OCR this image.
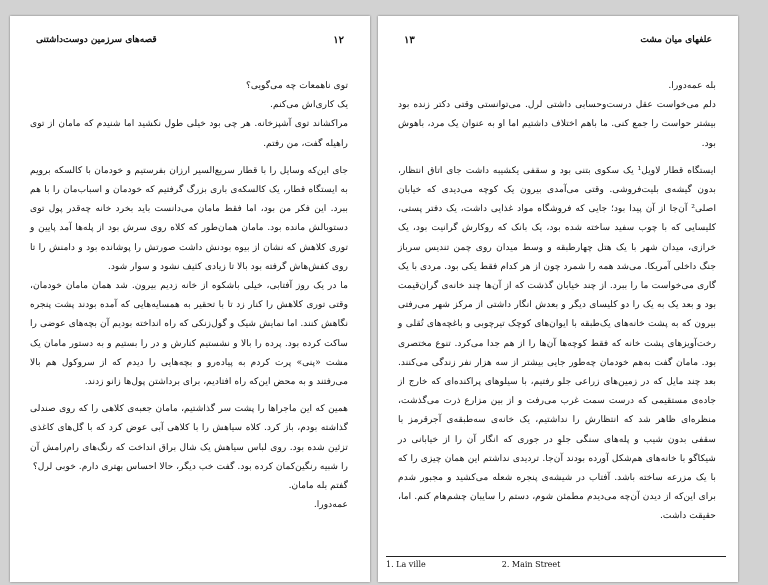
قصه‌های سرزمین دوست‌داشتنی	۱۲

توی ناهمعات چه می‌گویی؟

یک کاری‌اش می‌کنم.

مراکشاند توی آشپزخانه. هر چی بود خیلی طول نکشید اما شنیدم که مامان از توی راهیله گفت، من رفتم.

جای این‌که وسایل را با قطار سریع‌السیر ارزان بفرستیم و خودمان با کالسکه برویم به ایستگاه قطار، یک کالسکه‌ی باری بزرگ گرفتیم که خودمان و اسباب‌مان را با هم ببرد. این فکر من بود، اما فقط مامان می‌دانست باید بخرد خانه چه‌قدر پول توی دستوبالش مانده بود. مامان همان‌طور که کلاه روی سرش بود از پله‌ها آمد پایین و توری کلاهش که نشان از بیوه بودنش داشت صورتش را پوشانده بود و دامنش را تا روی کفش‌هاش گرفته بود بالا تا زیادی کثیف نشود و سوار شود.

ما در یک روز آفتابی، خیلی باشکوه از خانه زدیم بیرون. شد همان مامان خودمان، وقتی توری کلاهش را کنار زد تا با تحقیر به همسایه‌هایی که آمده بودند پشت پنجره نگاهش کنند. اما نمایش شیک و گول‌زنکی که راه انداخته بودیم آن بچه‌های عوضی را ساکت کرده بود. پرده را بالا و نشستیم کنارش و در را بستیم و به دستور مامان یک مشت «پنی» پرت کردم به پیاده‌رو و بچه‌هایی را دیدم که از سروکول هم بالا می‌رفتند و به محض این‌که راه افتادیم، برای برداشتن پول‌ها زانو زدند.

همین که این ماجراها را پشت سر گذاشتیم، مامان جعبه‌ی کلاهی را که روی صندلی گذاشته بودم، باز کرد. کلاه سیاهش را با کلاهی آبی عوض کرد که با گل‌های کاغذی تزئین شده بود. روی لباس سیاهش یک شال براق انداخت که رنگ‌های رام‌رامش آن را شبیه رنگین‌کمان کرده بود. گفت خب دیگر، حالا احساس بهتری دارم. خوبی لرل؟

گفتم بله مامان.

عمه‌دورا.

۱۳	علفهای میان مشت

بله عمه‌دورا.

دلم می‌خواست عقل درست‌وحسابی داشتی لرل. می‌توانستی وقتی دکتر زنده بود بیشتر حواست را جمع کنی. ما باهم اختلاف داشتیم اما او به عنوان یک مرد، باهوش بود.

ایستگاه قطار لاویل¹ یک سکوی بتنی بود و سقفی یکشیبه داشت جای اتاق انتظار، بدون گیشه‌ی بلیت‌فروشی. وقتی می‌آمدی بیرون یک کوچه می‌دیدی که خیابان اصلی² آن‌جا از آن پیدا بود؛ جایی که فروشگاه مواد غذایی داشت، یک دفتر پستی، کلیسایی که با چوب سفید ساخته شده بود، یک بانک که روکارش گرانیت بود، یک خرازی، میدان شهر با یک هتل چهارطبقه و وسط میدان روی چمن تندیس سرباز جنگ داخلی آمریکا. می‌شد همه را شمرد چون از هر کدام فقط یکی بود. مردی با یک گاری می‌خواست ما را ببرد. از چند خیابان گذشت که از آن‌ها چند خانه‌ی گران‌قیمت بود و بعد یک به یک را دو کلیسای دیگر و بعدش انگار داشتی از مرکز شهر می‌رفتی بیرون که به پشت خانه‌های یک‌طبقه با ایوان‌های کوچک تیرچوبی و باغچه‌های تُقلی و رخت‌آویزهای پشت خانه که فقط کوچه‌ها آن‌ها را از هم جدا می‌کرد. تنوع مختصری بود. مامان گفت به‌هم خودمان چه‌طور جایی بیشتر از سه هزار نفر زندگی می‌کنند. بعد چند مایل که در زمین‌های زراعی جلو رفتیم، با سیلوهای پراکنده‌ای که خارج از جاده‌ی مستقیمی که درست سمت غرب می‌رفت و از بین مزارع ذرت می‌گذشت، منظره‌ای ظاهر شد که انتظارش را نداشتیم، یک خانه‌ی سه‌طبقه‌ی آجرقرمز با سقفی بدون شیب و پله‌های سنگی جلوِ در جوری که انگار آن را از خیابانی در شیکاگو با خانه‌های هم‌شکل آورده بودند آن‌جا. تردیدی نداشتم این همان چیزی را که با یک مزرعه ساخته باشد. آفتاب در شیشه‌ی پنجره شعله می‌کشید و مجبور شدم برای این‌که از دیدن آن‌چه می‌دیدم مطمئن شوم، دستم را سایبان چشم‌هام کنم. اما، حقیقت داشت.

1. La ville	2. Main Street
